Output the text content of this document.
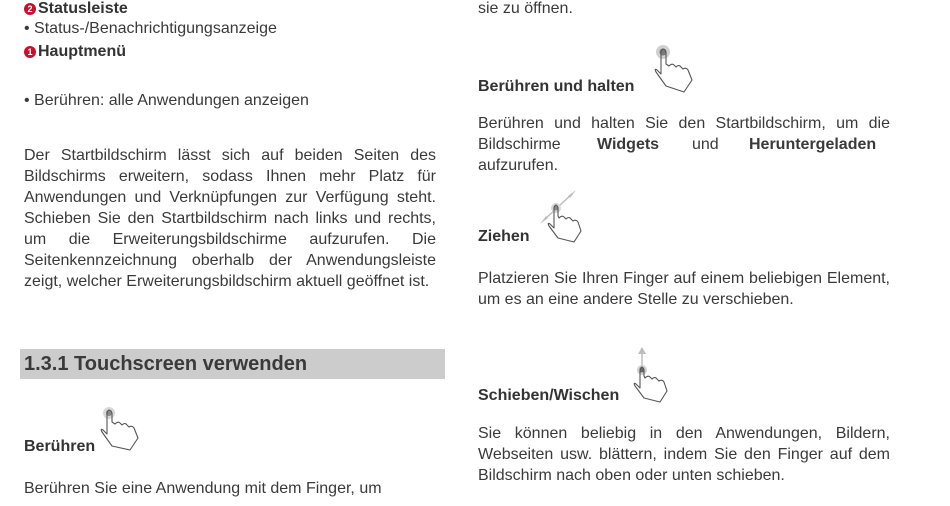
2 Statusleiste
• Status-/Benachrichtigungsanzeige
1 Hauptmenü
• Berühren: alle Anwendungen anzeigen
Der Startbildschirm lässt sich auf beiden Seiten des Bildschirms erweitern, sodass Ihnen mehr Platz für Anwendungen und Verknüpfungen zur Verfügung steht. Schieben Sie den Startbildschirm nach links und rechts, um die Erweiterungsbildschirme aufzurufen. Die Seitenkennzeichnung oberhalb der Anwendungsleiste zeigt, welcher Erweiterungsbildschirm aktuell geöffnet ist.
1.3.1 Touchscreen verwenden
Berühren
Berühren Sie eine Anwendung mit dem Finger, um
sie zu öffnen.
Berühren und halten
Berühren und halten Sie den Startbildschirm, um die Bildschirme	Widgets und Heruntergeladen
aufzurufen.
Ziehen
Platzieren Sie Ihren Finger auf einem beliebigen Element, um es an eine andere Stelle zu verschieben.
Schieben/Wischen
Sie können beliebig in den Anwendungen, Bildern, Webseiten usw. blättern, indem Sie den Finger auf dem Bildschirm nach oben oder unten schieben.
